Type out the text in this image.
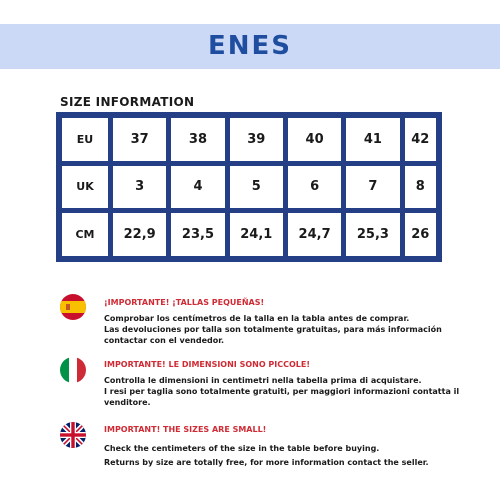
ENES
SIZE INFORMATION
EU	37	38	39	40	41	42
UK	3	4	5	6	7	8
CM	22,9	23,5	24,1	24,7	25,3	26
¡IMPORTANTE! ¡TALLAS PEQUEÑAS!
Comprobar los centímetros de la talla en la tabla antes de comprar.
Las devoluciones por talla son totalmente gratuitas, para más información
contactar con el vendedor.
IMPORTANTE! LE DIMENSIONI SONO PICCOLE!
Controlla le dimensioni in centimetri nella tabella prima di acquistare.
I resi per taglia sono totalmente gratuiti, per maggiori informazioni contatta il
venditore.
IMPORTANT! THE SIZES ARE SMALL!
Check the centimeters of the size in the table before buying.
Returns by size are totally free, for more information contact the seller.
